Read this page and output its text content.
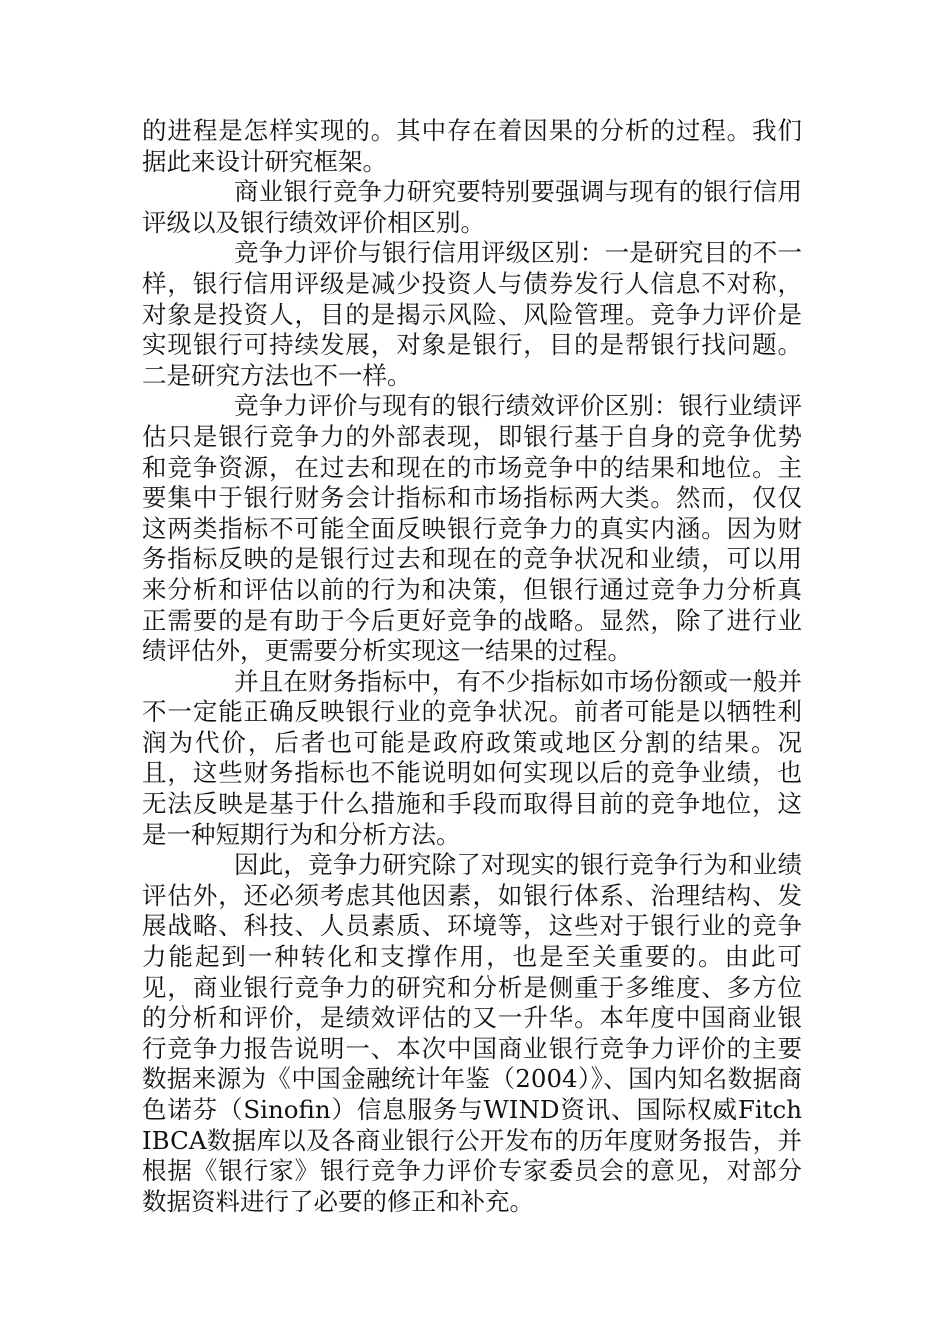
的进程是怎样实现的。其中存在着因果的分析的过程。我们据此来设计研究框架。

商业银行竞争力研究要特别要强调与现有的银行信用评级以及银行绩效评价相区别。

竞争力评价与银行信用评级区别：一是研究目的不一样，银行信用评级是减少投资人与债券发行人信息不对称，对象是投资人，目的是揭示风险、风险管理。竞争力评价是实现银行可持续发展，对象是银行，目的是帮银行找问题。二是研究方法也不一样。

竞争力评价与现有的银行绩效评价区别：银行业绩评估只是银行竞争力的外部表现，即银行基于自身的竞争优势和竞争资源，在过去和现在的市场竞争中的结果和地位。主要集中于银行财务会计指标和市场指标两大类。然而，仅仅这两类指标不可能全面反映银行竞争力的真实内涵。因为财务指标反映的是银行过去和现在的竞争状况和业绩，可以用来分析和评估以前的行为和决策，但银行通过竞争力分析真正需要的是有助于今后更好竞争的战略。显然，除了进行业绩评估外，更需要分析实现这一结果的过程。

并且在财务指标中，有不少指标如市场份额或一般并不一定能正确反映银行业的竞争状况。前者可能是以牺牲利润为代价，后者也可能是政府政策或地区分割的结果。况且，这些财务指标也不能说明如何实现以后的竞争业绩，也无法反映是基于什么措施和手段而取得目前的竞争地位，这是一种短期行为和分析方法。

因此，竞争力研究除了对现实的银行竞争行为和业绩评估外，还必须考虑其他因素，如银行体系、治理结构、发展战略、科技、人员素质、环境等，这些对于银行业的竞争力能起到一种转化和支撑作用，也是至关重要的。由此可见，商业银行竞争力的研究和分析是侧重于多维度、多方位的分析和评价，是绩效评估的又一升华。本年度中国商业银行竞争力报告说明一、本次中国商业银行竞争力评价的主要数据来源为《中国金融统计年鉴（2004）》、国内知名数据商色诺芬（Sinofin）信息服务与WIND资讯、国际权威Fitch IBCA数据库以及各商业银行公开发布的历年度财务报告，并根据《银行家》银行竞争力评价专家委员会的意见，对部分数据资料进行了必要的修正和补充。
